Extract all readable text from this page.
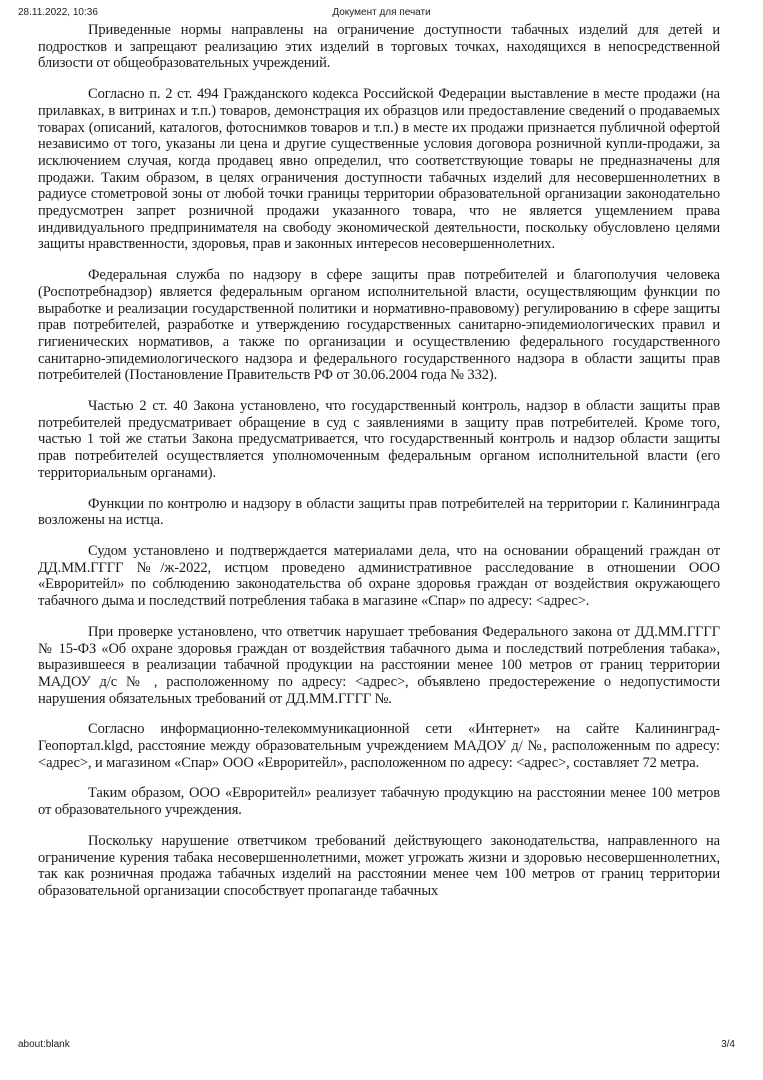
28.11.2022, 10:36	Документ для печати

Приведенные нормы направлены на ограничение доступности табачных изделий для детей и подростков и запрещают реализацию этих изделий в торговых точках, находящихся в непосредственной близости от общеобразовательных учреждений.

Согласно п. 2 ст. 494 Гражданского кодекса Российской Федерации выставление в месте продажи (на прилавках, в витринах и т.п.) товаров, демонстрация их образцов или предоставление сведений о продаваемых товарах (описаний, каталогов, фотоснимков товаров и т.п.) в месте их продажи признается публичной офертой независимо от того, указаны ли цена и другие существенные условия договора розничной купли-продажи, за исключением случая, когда продавец явно определил, что соответствующие товары не предназначены для продажи. Таким образом, в целях ограничения доступности табачных изделий для несовершеннолетних в радиусе стометровой зоны от любой точки границы территории образовательной организации законодательно предусмотрен запрет розничной продажи указанного товара, что не является ущемлением права индивидуального предпринимателя на свободу экономической деятельности, поскольку обусловлено целями защиты нравственности, здоровья, прав и законных интересов несовершеннолетних.

Федеральная служба по надзору в сфере защиты прав потребителей и благополучия человека (Роспотребнадзор) является федеральным органом исполнительной власти, осуществляющим функции по выработке и реализации государственной политики и нормативно-правовому) регулированию в сфере защиты прав потребителей, разработке и утверждению государственных санитарно-эпидемиологических правил и гигиенических нормативов, а также по организации и осуществлению федерального государственного санитарно-эпидемиологического надзора и федерального государственного надзора в области защиты прав потребителей (Постановление Правительств РФ от 30.06.2004 года № 332).

Частью 2 ст. 40 Закона установлено, что государственный контроль, надзор в области защиты прав потребителей предусматривает обращение в суд с заявлениями в защиту прав потребителей. Кроме того, частью 1 той же статьи Закона предусматривается, что государственный контроль и надзор области защиты прав потребителей осуществляется уполномоченным федеральным органом исполнительной власти (его территориальным органами).

Функции по контролю и надзору в области защиты прав потребителей на территории г. Калининграда возложены на истца.

Судом установлено и подтверждается материалами дела, что на основании обращений граждан от ДД.ММ.ГГГГ №/ж-2022, истцом проведено административное расследование в отношении ООО «Евроритейл» по соблюдению законодательства об охране здоровья граждан от воздействия окружающего табачного дыма и последствий потребления табака в магазине «Спар» по адресу: <адрес>.

При проверке установлено, что ответчик нарушает требования Федерального закона от ДД.ММ.ГГГГ № 15-ФЗ «Об охране здоровья граждан от воздействия табачного дыма и последствий потребления табака», выразившееся в реализации табачной продукции на расстоянии менее 100 метров от границ территории МАДОУ д/с № , расположенному по адресу: <адрес>, объявлено предостережение о недопустимости нарушения обязательных требований от ДД.ММ.ГГГГ №.

Согласно информационно-телекоммуникационной сети «Интернет» на сайте Калининград-Геопортал.klgd, расстояние между образовательным учреждением МАДОУ д/ №, расположенным по адресу: <адрес>, и магазином «Спар» ООО «Евроритейл», расположенном по адресу: <адрес>, составляет 72 метра.

Таким образом, ООО «Евроритейл» реализует табачную продукцию на расстоянии менее 100 метров от образовательного учреждения.

Поскольку нарушение ответчиком требований действующего законодательства, направленного на ограничение курения табака несовершеннолетними, может угрожать жизни и здоровью несовершеннолетних, так как розничная продажа табачных изделий на расстоянии менее чем 100 метров от границ территории образовательной организации способствует пропаганде табачных

about:blank	3/4
